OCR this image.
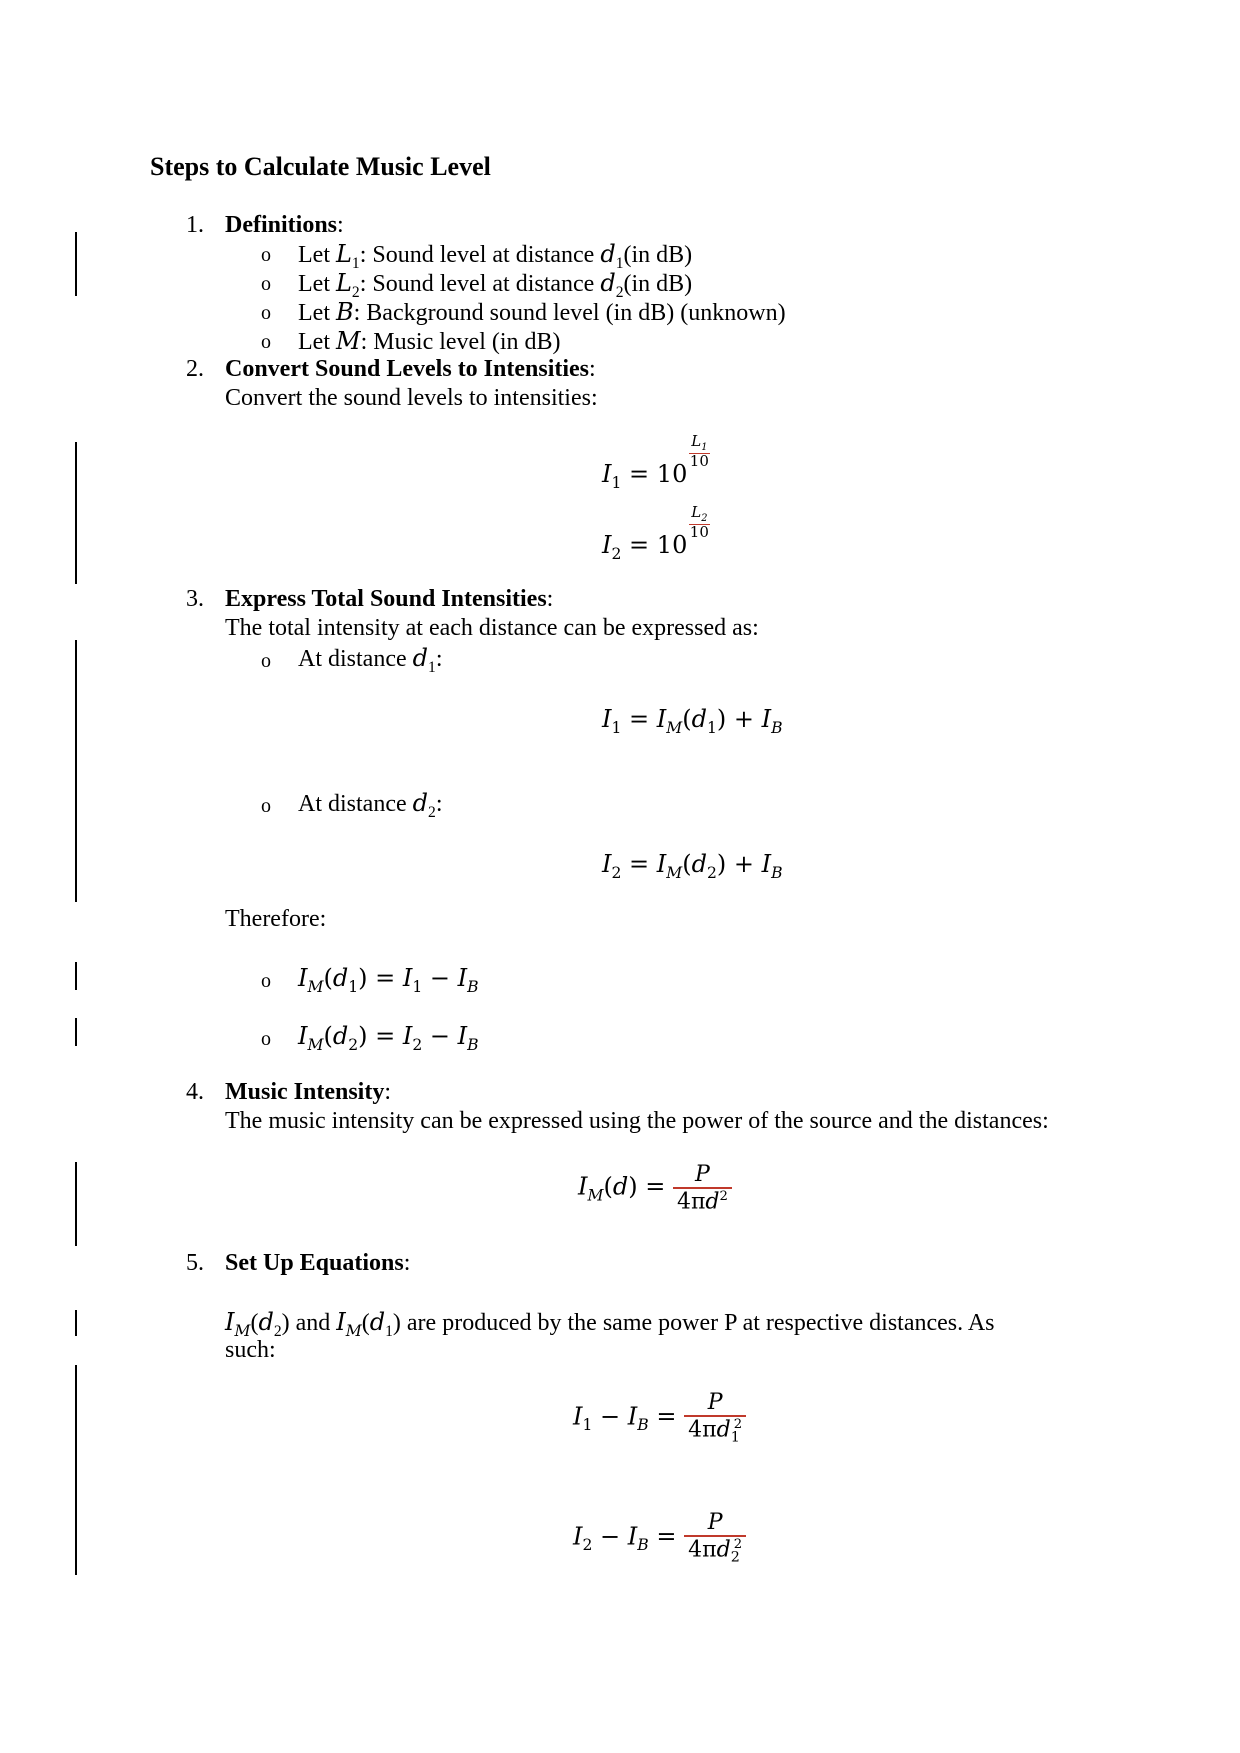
Steps to Calculate Music Level
1. Definitions:
o Let $L_1$: Sound level at distance $d_1(in$ dB)
o Let $L_2$: Sound level at distance $d_2(in$ dB)
o Let B: Background sound level (in dB) (unknown)
o Let M: Music level (in dB)
2. Convert Sound Levels to Intensities:
Convert the sound levels to intensities:
$I_1 = 10$
$L_1$
10
$I_2 = 10$
$L_2$
10
3. Express Total Sound Intensities:
The total intensity at each distance can be expressed as:
o At distance $d_1$:
$I_1 = I_M(d_1) + I_B$
o At distance $d_2$:
$I_2 = I_M(d_2) + I_B$
Therefore:
o $I_M(d_1) = I_1 - I_B$
o $I_M(d_2) = I_2 - I_B$
4. Music Intensity:
The music intensity can be expressed using the power of the source and the distances:
$I_M(d) = \frac{P}{4\pi d^2}$
5. Set Up Equations:
$I_M(d_2)$ and $I_M(d_1)$ are produced by the same power P at respective distances. As
such:
$I_1 - I_B = \frac{P}{4\pi d_1^2}$
$I_2 - I_B = \frac{P}{4\pi d_2^2}$
